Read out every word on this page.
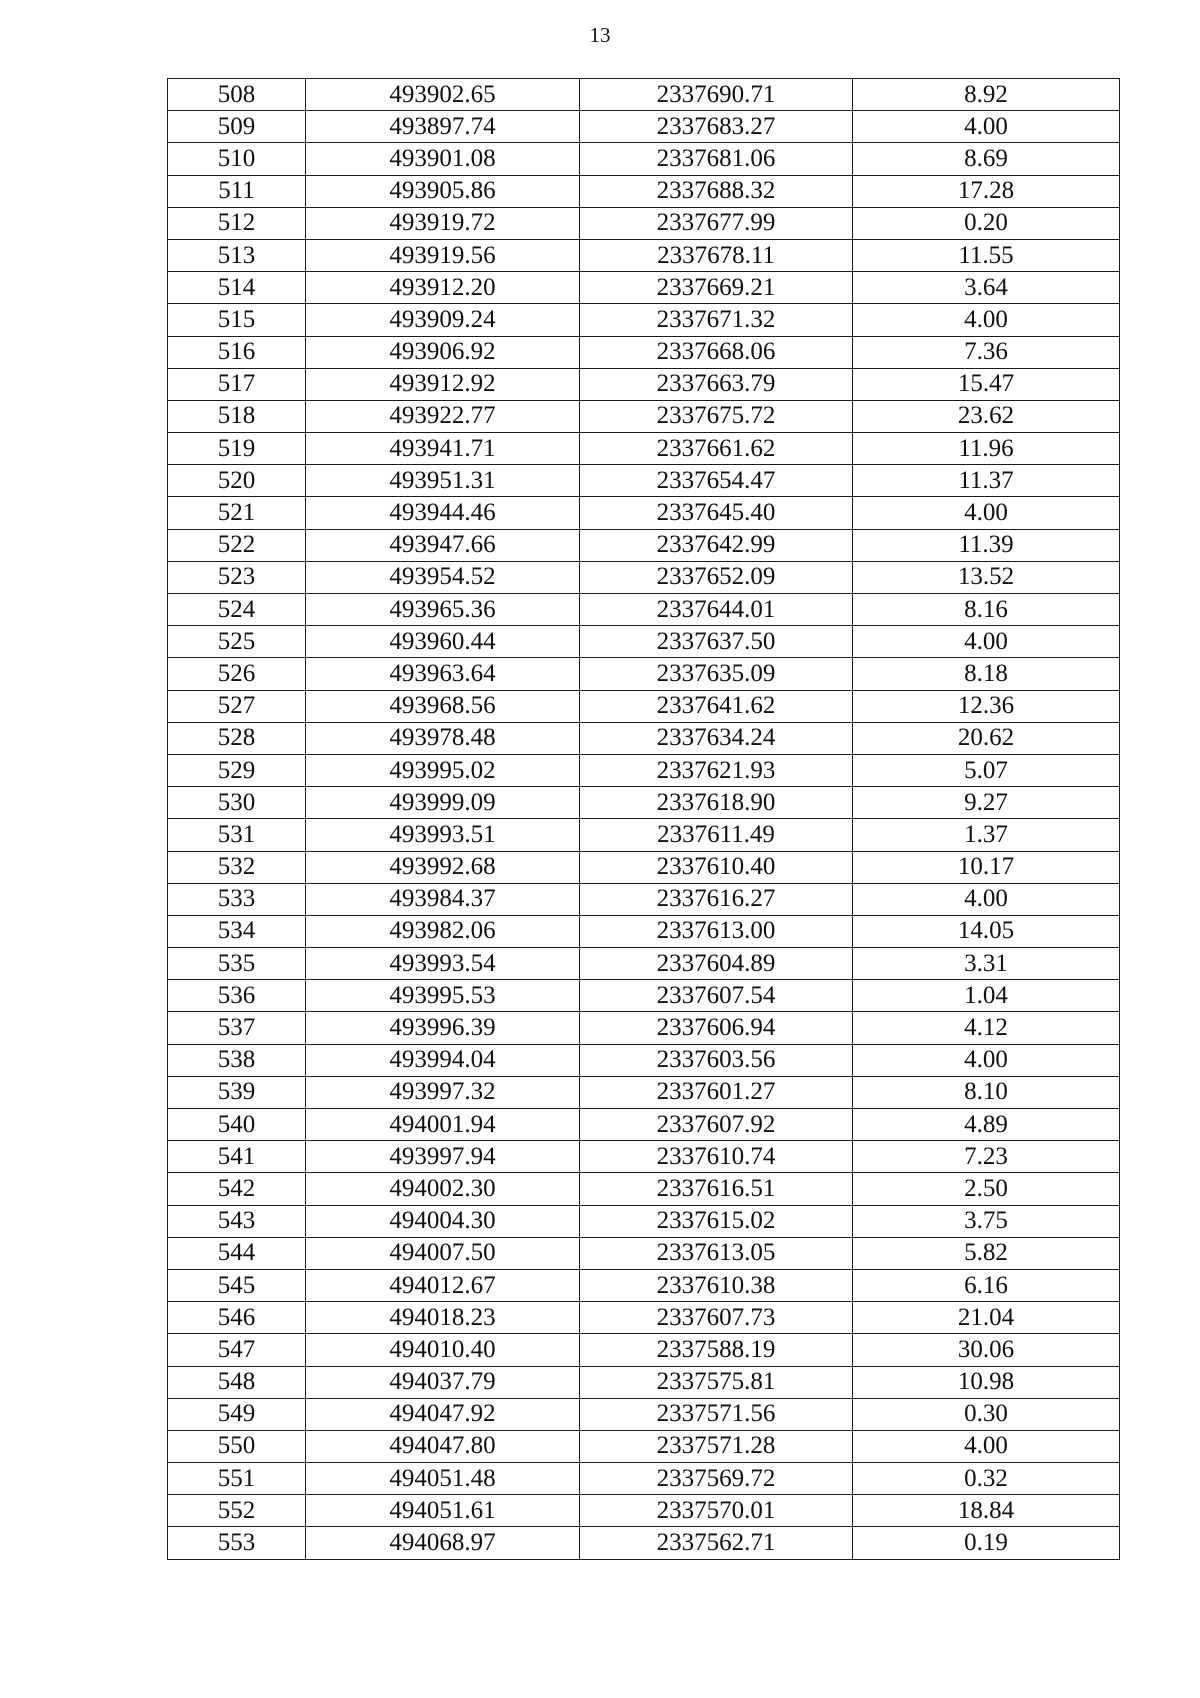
13
508	493902.65	2337690.71	8.92
509	493897.74	2337683.27	4.00
510	493901.08	2337681.06	8.69
511	493905.86	2337688.32	17.28
512	493919.72	2337677.99	0.20
513	493919.56	2337678.11	11.55
514	493912.20	2337669.21	3.64
515	493909.24	2337671.32	4.00
516	493906.92	2337668.06	7.36
517	493912.92	2337663.79	15.47
518	493922.77	2337675.72	23.62
519	493941.71	2337661.62	11.96
520	493951.31	2337654.47	11.37
521	493944.46	2337645.40	4.00
522	493947.66	2337642.99	11.39
523	493954.52	2337652.09	13.52
524	493965.36	2337644.01	8.16
525	493960.44	2337637.50	4.00
526	493963.64	2337635.09	8.18
527	493968.56	2337641.62	12.36
528	493978.48	2337634.24	20.62
529	493995.02	2337621.93	5.07
530	493999.09	2337618.90	9.27
531	493993.51	2337611.49	1.37
532	493992.68	2337610.40	10.17
533	493984.37	2337616.27	4.00
534	493982.06	2337613.00	14.05
535	493993.54	2337604.89	3.31
536	493995.53	2337607.54	1.04
537	493996.39	2337606.94	4.12
538	493994.04	2337603.56	4.00
539	493997.32	2337601.27	8.10
540	494001.94	2337607.92	4.89
541	493997.94	2337610.74	7.23
542	494002.30	2337616.51	2.50
543	494004.30	2337615.02	3.75
544	494007.50	2337613.05	5.82
545	494012.67	2337610.38	6.16
546	494018.23	2337607.73	21.04
547	494010.40	2337588.19	30.06
548	494037.79	2337575.81	10.98
549	494047.92	2337571.56	0.30
550	494047.80	2337571.28	4.00
551	494051.48	2337569.72	0.32
552	494051.61	2337570.01	18.84
553	494068.97	2337562.71	0.19
